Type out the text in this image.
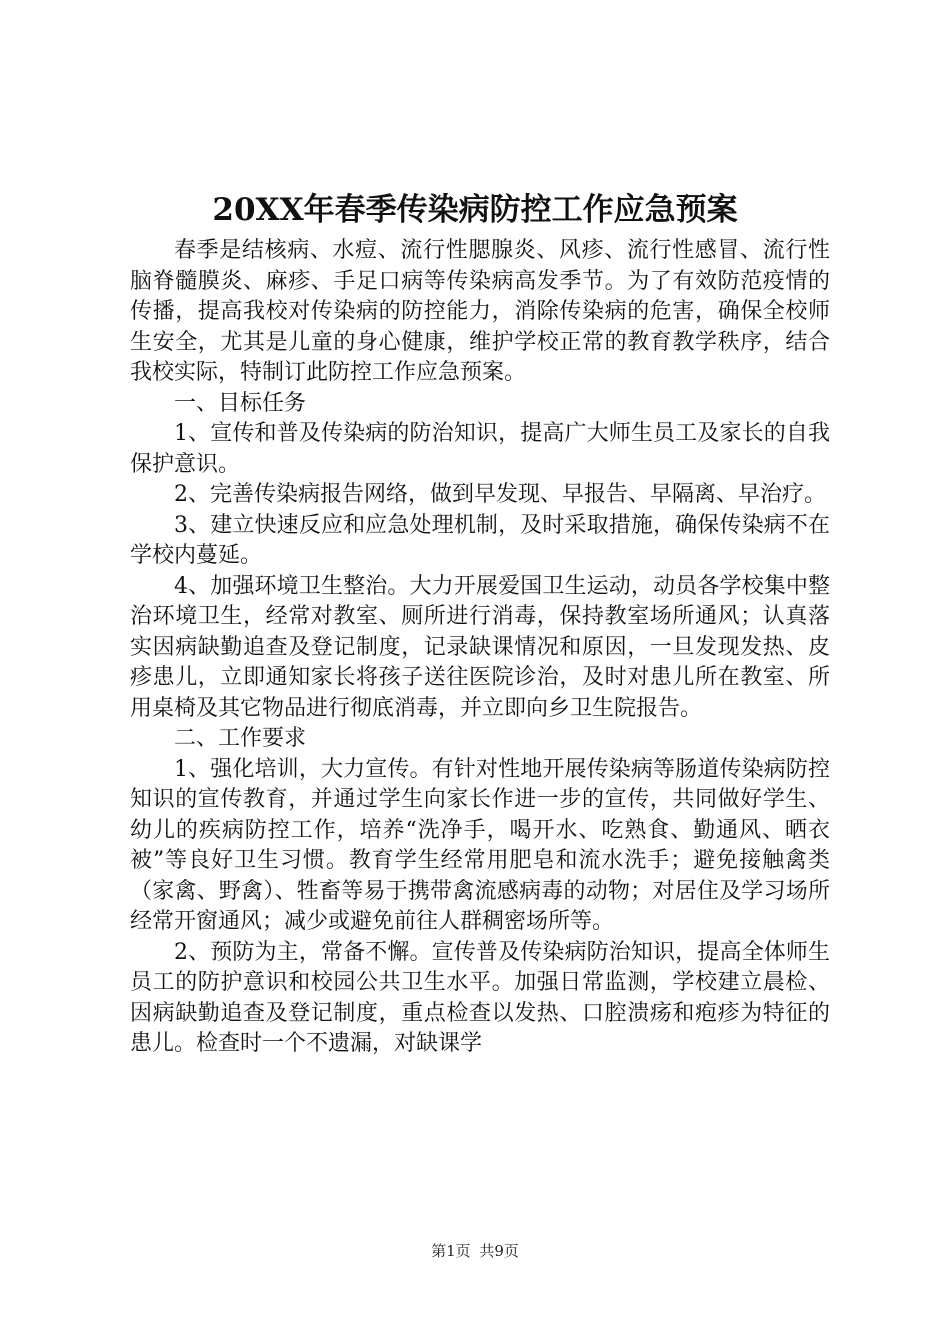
20XX年春季传染病防控工作应急预案

春季是结核病、水痘、流行性腮腺炎、风疹、流行性感冒、流行性脑脊髓膜炎、麻疹、手足口病等传染病高发季节。为了有效防范疫情的传播，提高我校对传染病的防控能力，消除传染病的危害，确保全校师生安全，尤其是儿童的身心健康，维护学校正常的教育教学秩序，结合我校实际，特制订此防控工作应急预案。

一、目标任务

1、宣传和普及传染病的防治知识，提高广大师生员工及家长的自我保护意识。

2、完善传染病报告网络，做到早发现、早报告、早隔离、早治疗。

3、建立快速反应和应急处理机制，及时采取措施，确保传染病不在学校内蔓延。

4、加强环境卫生整治。大力开展爱国卫生运动，动员各学校集中整治环境卫生，经常对教室、厕所进行消毒，保持教室场所通风；认真落实因病缺勤追查及登记制度，记录缺课情况和原因，一旦发现发热、皮疹患儿，立即通知家长将孩子送往医院诊治，及时对患儿所在教室、所用桌椅及其它物品进行彻底消毒，并立即向乡卫生院报告。

二、工作要求

1、强化培训，大力宣传。有针对性地开展传染病等肠道传染病防控知识的宣传教育，并通过学生向家长作进一步的宣传，共同做好学生、幼儿的疾病防控工作，培养“洗净手，喝开水、吃熟食、勤通风、晒衣被”等良好卫生习惯。教育学生经常用肥皂和流水洗手；避免接触禽类（家禽、野禽）、牲畜等易于携带禽流感病毒的动物；对居住及学习场所经常开窗通风；减少或避免前往人群稠密场所等。

2、预防为主，常备不懈。宣传普及传染病防治知识，提高全体师生员工的防护意识和校园公共卫生水平。加强日常监测，学校建立晨检、因病缺勤追查及登记制度，重点检查以发热、口腔溃疡和疱疹为特征的患儿。检查时一个不遗漏，对缺课学

第1页 共9页
